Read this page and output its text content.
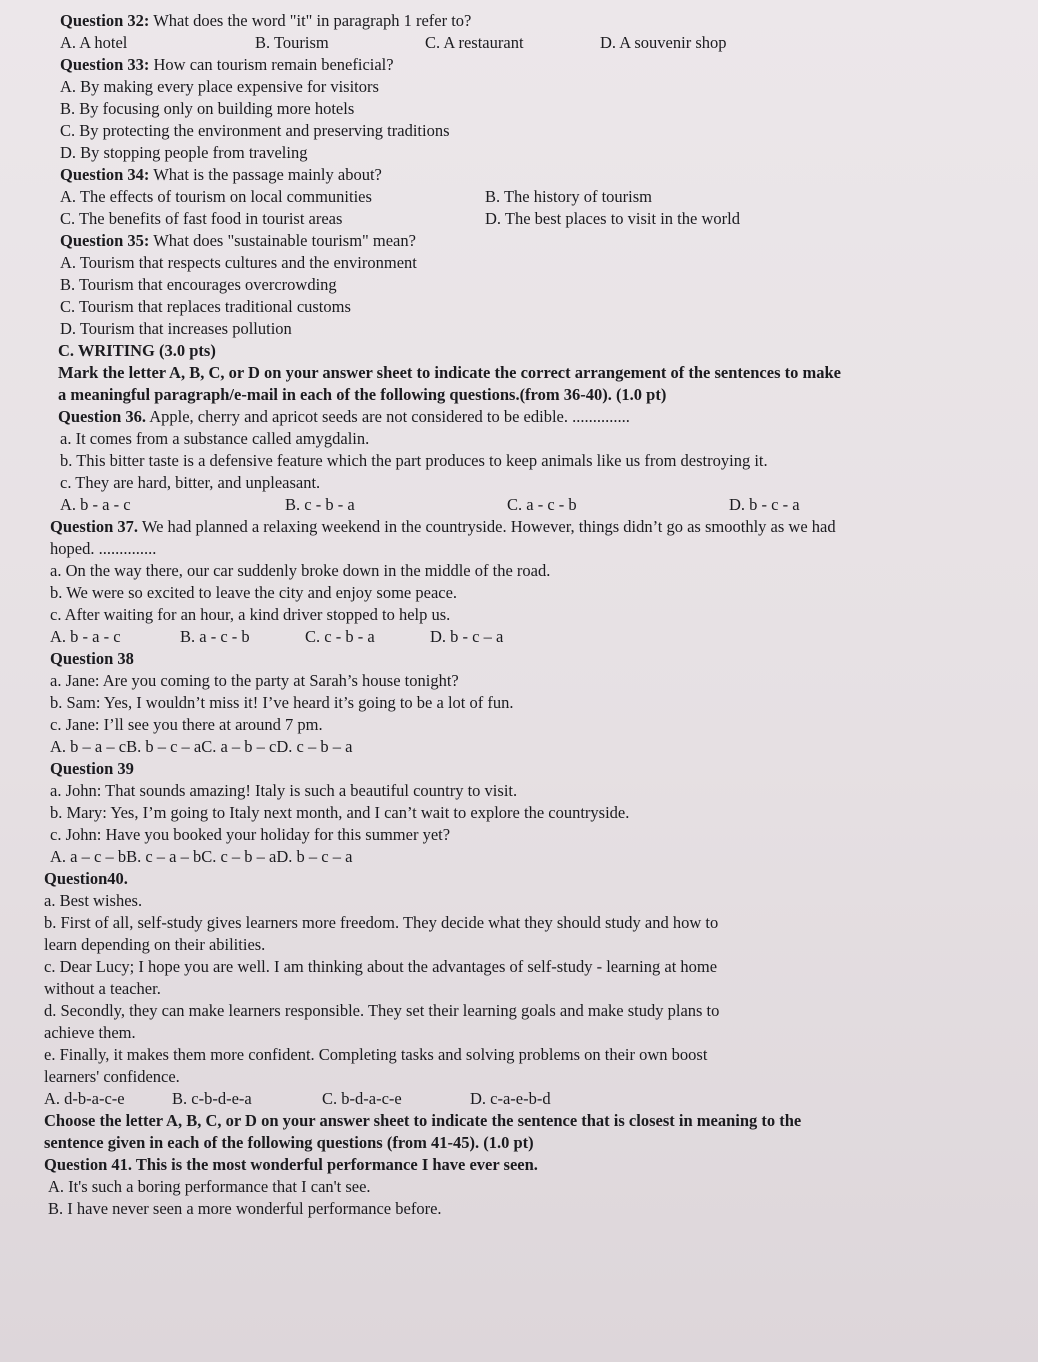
Question 32: What does the word "it" in paragraph 1 refer to?

A. A hotel	B. Tourism	C. A restaurant	D. A souvenir shop

Question 33: How can tourism remain beneficial?

A. By making every place expensive for visitors

B. By focusing only on building more hotels

C. By protecting the environment and preserving traditions

D. By stopping people from traveling

Question 34: What is the passage mainly about?

A. The effects of tourism on local communities	B. The history of tourism
C. The benefits of fast food in tourist areas	D. The best places to visit in the world

Question 35: What does "sustainable tourism" mean?

A. Tourism that respects cultures and the environment

B. Tourism that encourages overcrowding

C. Tourism that replaces traditional customs

D. Tourism that increases pollution

C. WRITING (3.0 pts)

Mark the letter A, B, C, or D on your answer sheet to indicate the correct arrangement of the sentences to make

a meaningful paragraph/e-mail in each of the following questions.(from 36-40). (1.0 pt)

Question 36. Apple, cherry and apricot seeds are not considered to be edible. ..............

a. It comes from a substance called amygdalin.

b. This bitter taste is a defensive feature which the part produces to keep animals like us from destroying it.

c. They are hard, bitter, and unpleasant.

A. b - a - c	B. c - b - a	C. a - c - b	D. b - c - a

Question 37. We had planned a relaxing weekend in the countryside. However, things didn’t go as smoothly as we had

hoped. ..............

a. On the way there, our car suddenly broke down in the middle of the road.

b. We were so excited to leave the city and enjoy some peace.

c. After waiting for an hour, a kind driver stopped to help us.

A. b - a - c	B. a - c - b	C. c - b - a	D. b - c – a

Question 38

a. Jane: Are you coming to the party at Sarah’s house tonight?

b. Sam: Yes, I wouldn’t miss it! I’ve heard it’s going to be a lot of fun.

c. Jane: I’ll see you there at around 7 pm.

A. b – a – cB. b – c – aC. a – b – cD. c – b – a

Question 39

a. John: That sounds amazing! Italy is such a beautiful country to visit.

b. Mary: Yes, I’m going to Italy next month, and I can’t wait to explore the countryside.

c. John: Have you booked your holiday for this summer yet?

A. a – c – bB. c – a – bC. c – b – aD. b – c – a

Question40.

a. Best wishes.

b. First of all, self-study gives learners more freedom. They decide what they should study and how to

learn depending on their abilities.

c. Dear Lucy; I hope you are well. I am thinking about the advantages of self-study - learning at home

without a teacher.

d. Secondly, they can make learners responsible. They set their learning goals and make study plans to

achieve them.

e. Finally, it makes them more confident. Completing tasks and solving problems on their own boost

learners' confidence.

A. d-b-a-c-e	B. c-b-d-e-a	C. b-d-a-c-e	D. c-a-e-b-d

Choose the letter A, B, C, or D on your answer sheet to indicate the sentence that is closest in meaning to the

sentence given in each of the following questions (from 41-45). (1.0 pt)

Question 41. This is the most wonderful performance I have ever seen.

A. It's such a boring performance that I can't see.

B. I have never seen a more wonderful performance before.
